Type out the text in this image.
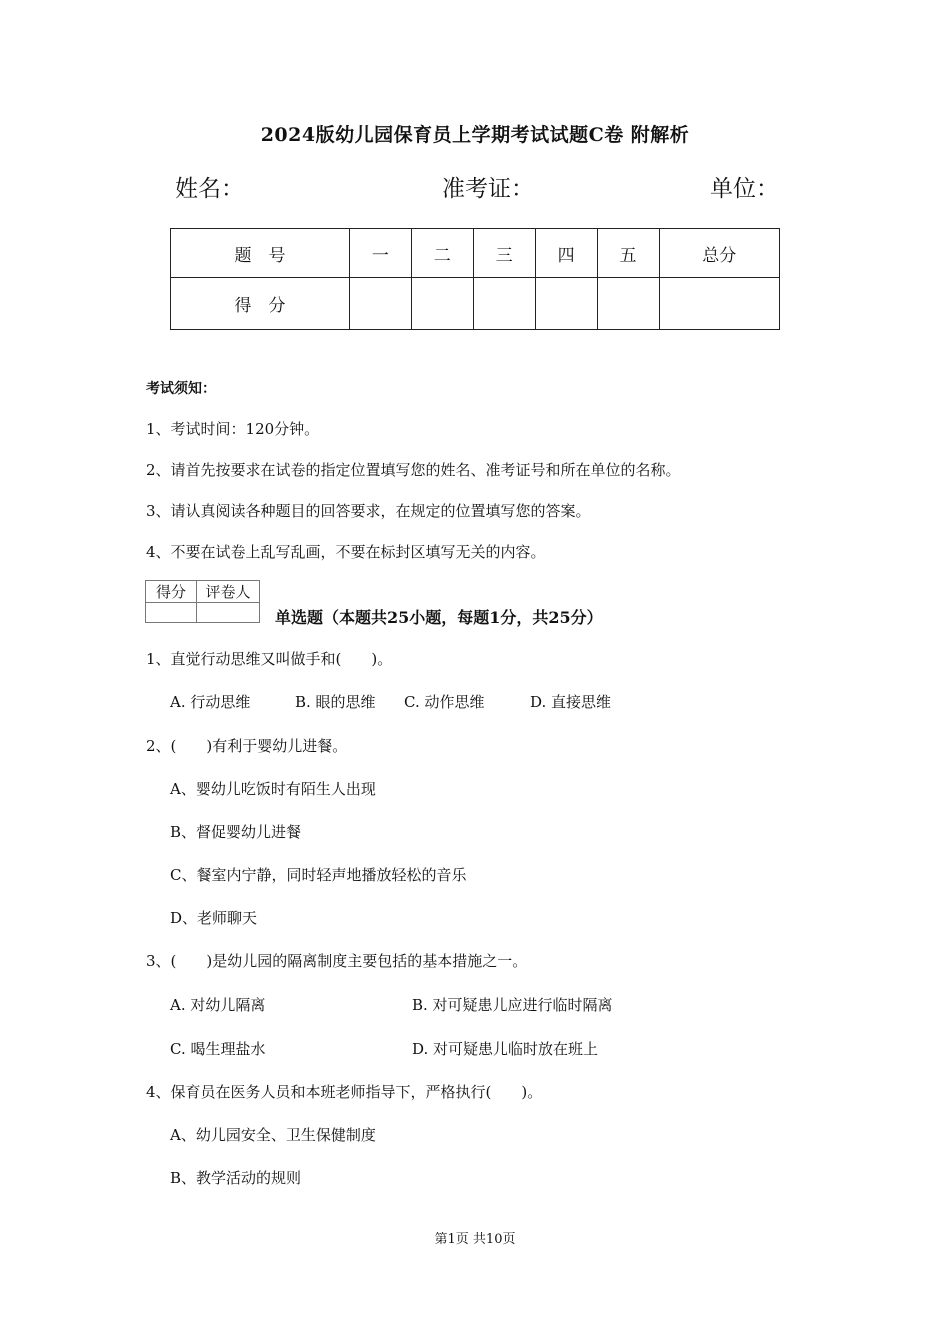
2024版幼儿园保育员上学期考试试题C卷 附解析
姓名：	准考证：	单位：
题　号	一	二	三	四	五	总分
得　分						
考试须知：
1、考试时间：120分钟。
2、请首先按要求在试卷的指定位置填写您的姓名、准考证号和所在单位的名称。
3、请认真阅读各种题目的回答要求，在规定的位置填写您的答案。
4、不要在试卷上乱写乱画，不要在标封区填写无关的内容。
得分	评卷人

单选题（本题共25小题，每题1分，共25分）
1、直觉行动思维又叫做手和(　　)。
A. 行动思维	B. 眼的思维 C. 动作思维	D. 直接思维
2、(　　)有利于婴幼儿进餐。
A、婴幼儿吃饭时有陌生人出现
B、督促婴幼儿进餐
C、餐室内宁静，同时轻声地播放轻松的音乐
D、老师聊天
3、(　　)是幼儿园的隔离制度主要包括的基本措施之一。
A. 对幼儿隔离	B. 对可疑患儿应进行临时隔离
C. 喝生理盐水	D. 对可疑患儿临时放在班上
4、保育员在医务人员和本班老师指导下，严格执行(　　)。
A、幼儿园安全、卫生保健制度
B、教学活动的规则
第1页 共10页
